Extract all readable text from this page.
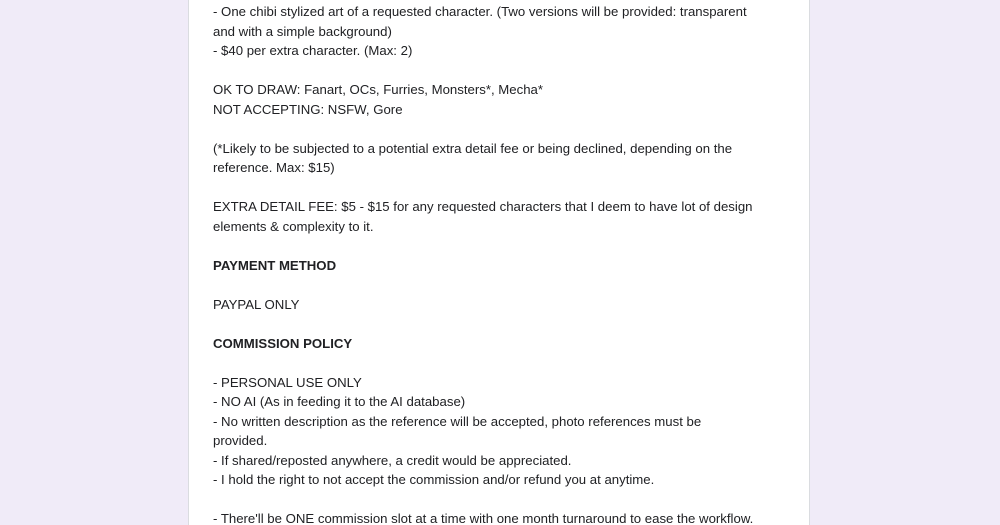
- One chibi stylized art of a requested character. (Two versions will be provided: transparent
and with a simple background)
- $40 per extra character. (Max: 2)
OK TO DRAW: Fanart, OCs, Furries, Monsters*, Mecha*
NOT ACCEPTING: NSFW, Gore
(*Likely to be subjected to a potential extra detail fee or being declined, depending on the
reference. Max: $15)
EXTRA DETAIL FEE: $5 - $15 for any requested characters that I deem to have lot of design
elements & complexity to it.
PAYMENT METHOD
PAYPAL ONLY
COMMISSION POLICY
- PERSONAL USE ONLY
- NO AI (As in feeding it to the AI database)
- No written description as the reference will be accepted, photo references must be
provided.
- If shared/reposted anywhere, a credit would be appreciated.
- I hold the right to not accept the commission and/or refund you at anytime.
- There'll be ONE commission slot at a time with one month turnaround to ease the workflow.
